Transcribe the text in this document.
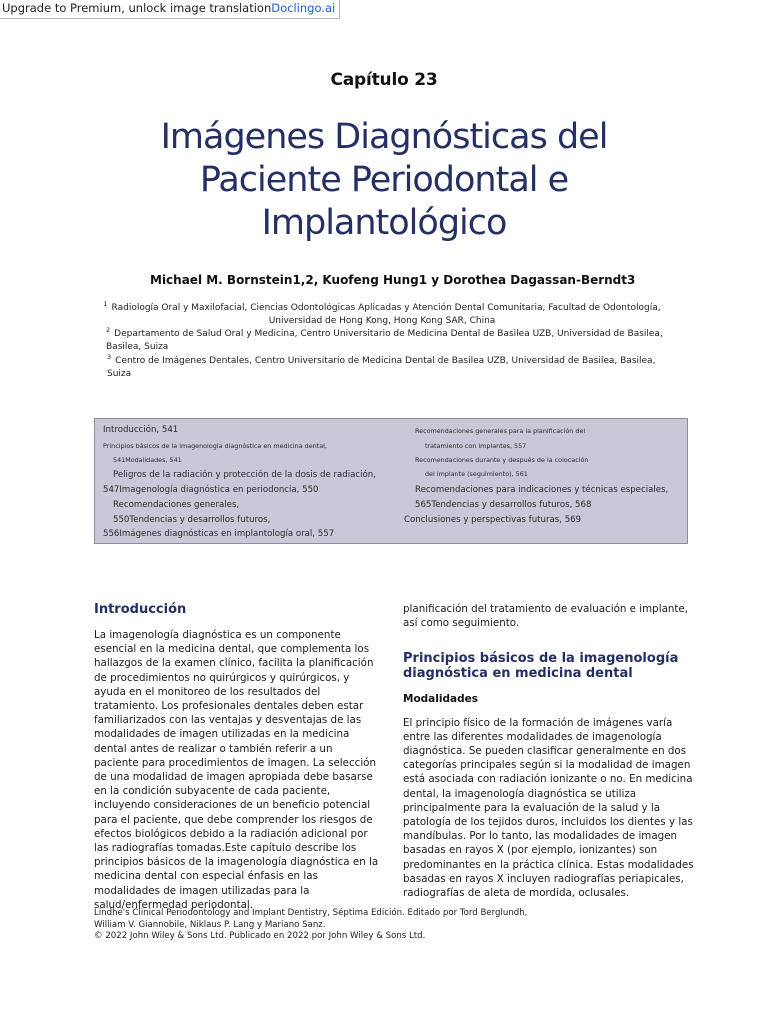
Upgrade to Premium, unlock image translationDoclingo.ai
Capítulo 23
Imágenes Diagnósticas del
Paciente Periodontal e
Implantológico
Michael M. Bornstein1,2, Kuofeng Hung1 y Dorothea Dagassan-Berndt3
$^1$ Radiología Oral y Maxilofacial, Ciencias Odontológicas Aplicadas y Atención Dental Comunitaria, Facultad de Odontología, Universidad de Hong Kong, Hong Kong SAR, China
$^2$ Departamento de Salud Oral y Medicina, Centro Universitario de Medicina Dental de Basilea UZB, Universidad de Basilea, Basilea, Suiza
$^3$ Centro de Imágenes Dentales, Centro Universitario de Medicina Dental de Basilea UZB, Universidad de Basilea, Basilea, Suiza
Introducción, 541
Principios básicos de la imagenología diagnóstica en medicina dental,
541Modalidades, 541
Peligros de la radiación y protección de la dosis de radiación,
547Imagenología diagnóstica en periodoncia, 550
Recomendaciones generales,
550Tendencias y desarrollos futuros,
556Imágenes diagnósticas en implantología oral, 557
Recomendaciones generales para la planificación del
tratamiento con implantes, 557
Recomendaciones durante y después de la colocación
del implante (seguimiento), 561
Recomendaciones para indicaciones y técnicas especiales,
565Tendencias y desarrollos futuros, 568
Conclusiones y perspectivas futuras, 569
Introducción

La imagenología diagnóstica es un componente esencial en la medicina dental, que complementa los hallazgos de la examen clínico, facilita la planificación de procedimientos no quirúrgicos y quirúrgicos, y ayuda en el monitoreo de los resultados del tratamiento. Los profesionales dentales deben estar familiarizados con las ventajas y desventajas de las modalidades de imagen utilizadas en la medicina dental antes de realizar o también referir a un paciente para procedimientos de imagen. La selección de una modalidad de imagen apropiada debe basarse en la condición subyacente de cada paciente, incluyendo consideraciones de un beneficio potencial para el paciente, que debe comprender los riesgos de efectos biológicos debido a la radiación adicional por las radiografías tomadas.Este capítulo describe los principios básicos de la imagenología diagnóstica en la medicina dental con especial énfasis en las modalidades de imagen utilizadas para la salud/enfermedad periodontal.

planificación del tratamiento de evaluación e implante, así como seguimiento.

Principios básicos de la imagenología diagnóstica en medicina dental
Modalidades

El principio físico de la formación de imágenes varía entre las diferentes modalidades de imagenología diagnóstica. Se pueden clasificar generalmente en dos categorías principales según si la modalidad de imagen está asociada con radiación ionizante o no. En medicina dental, la imagenología diagnóstica se utiliza principalmente para la evaluación de la salud y la patología de los tejidos duros, incluidos los dientes y las mandíbulas. Por lo tanto, las modalidades de imagen basadas en rayos X (por ejemplo, ionizantes) son predominantes en la práctica clínica. Estas modalidades basadas en rayos X incluyen radiografías periapicales, radiografías de aleta de mordida, oclusales.

Lindhe's Clinical Periodontology and Implant Dentistry, Séptima Edición. Editado por Tord Berglundh, William V. Giannobile, Niklaus P. Lang y Mariano Sanz.
© 2022 John Wiley & Sons Ltd. Publicado en 2022 por John Wiley & Sons Ltd.
